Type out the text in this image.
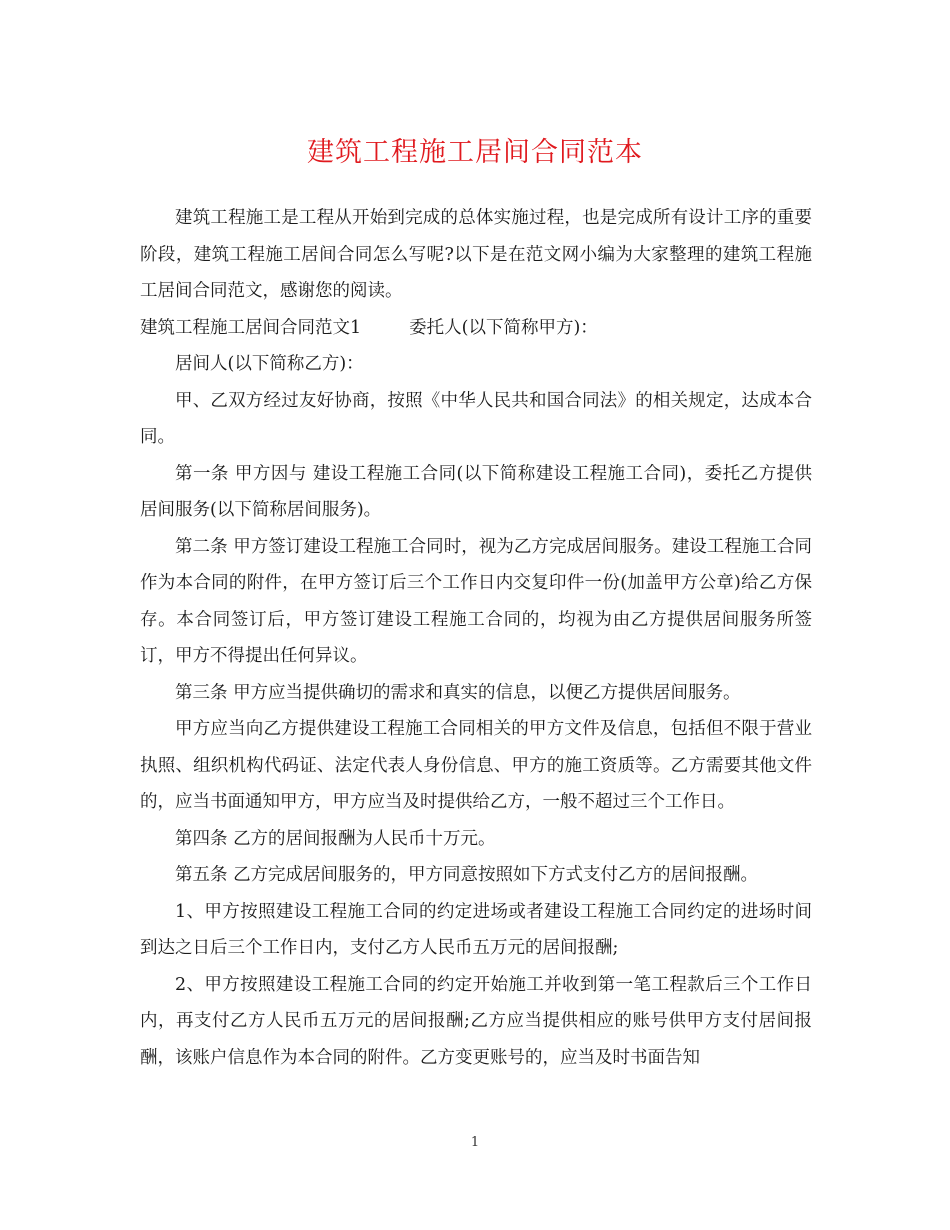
建筑工程施工居间合同范本

建筑工程施工是工程从开始到完成的总体实施过程，也是完成所有设计工序的重要阶段，建筑工程施工居间合同怎么写呢?以下是在范文网小编为大家整理的建筑工程施工居间合同范文，感谢您的阅读。

建筑工程施工居间合同范文1	委托人(以下简称甲方)：

居间人(以下简称乙方)：

甲、乙双方经过友好协商，按照《中华人民共和国合同法》的相关规定，达成本合同。

第一条 甲方因与 建设工程施工合同(以下简称建设工程施工合同)，委托乙方提供居间服务(以下简称居间服务)。

第二条 甲方签订建设工程施工合同时，视为乙方完成居间服务。建设工程施工合同作为本合同的附件，在甲方签订后三个工作日内交复印件一份(加盖甲方公章)给乙方保存。本合同签订后，甲方签订建设工程施工合同的，均视为由乙方提供居间服务所签订，甲方不得提出任何异议。

第三条 甲方应当提供确切的需求和真实的信息，以便乙方提供居间服务。

甲方应当向乙方提供建设工程施工合同相关的甲方文件及信息，包括但不限于营业执照、组织机构代码证、法定代表人身份信息、甲方的施工资质等。乙方需要其他文件的，应当书面通知甲方，甲方应当及时提供给乙方，一般不超过三个工作日。

第四条 乙方的居间报酬为人民币十万元。

第五条 乙方完成居间服务的，甲方同意按照如下方式支付乙方的居间报酬。

1、甲方按照建设工程施工合同的约定进场或者建设工程施工合同约定的进场时间到达之日后三个工作日内，支付乙方人民币五万元的居间报酬;

2、甲方按照建设工程施工合同的约定开始施工并收到第一笔工程款后三个工作日内，再支付乙方人民币五万元的居间报酬;乙方应当提供相应的账号供甲方支付居间报酬，该账户信息作为本合同的附件。乙方变更账号的，应当及时书面告知

1
